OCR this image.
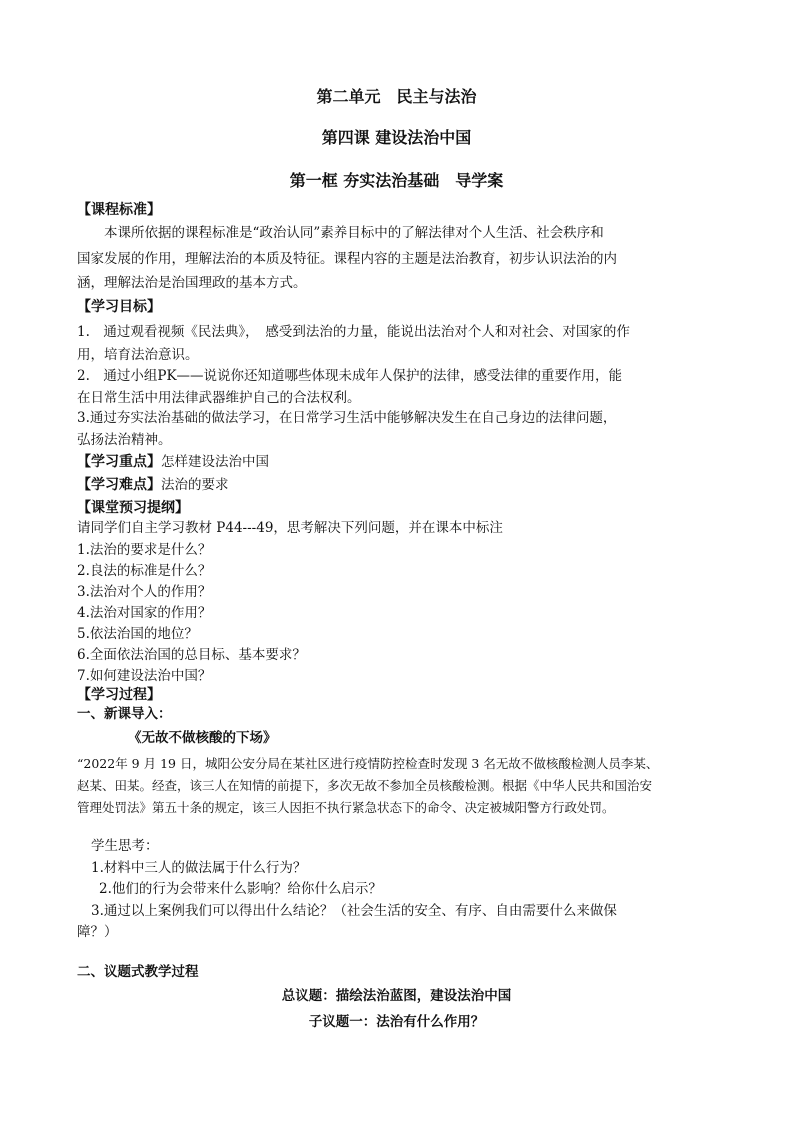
第二单元　民主与法治
第四课 建设法治中国
第一框 夯实法治基础　导学案
【课程标准】
　　本课所依据的课程标准是“政治认同”素养目标中的了解法律对个人生活、社会秩序和
国家发展的作用，理解法治的本质及特征。课程内容的主题是法治教育，初步认识法治的内
涵，理解法治是治国理政的基本方式。
【学习目标】
1.　通过观看视频《民法典》，　感受到法治的力量，能说出法治对个人和对社会、对国家的作
用，培育法治意识。
2.　通过小组PK——说说你还知道哪些体现未成年人保护的法律，感受法律的重要作用，能
在日常生活中用法律武器维护自己的合法权利。
3.通过夯实法治基础的做法学习，在日常学习生活中能够解决发生在自己身边的法律问题，
弘扬法治精神。
【学习重点】怎样建设法治中国
【学习难点】法治的要求
【课堂预习提纲】
请同学们自主学习教材 P44---49，思考解决下列问题，并在课本中标注
1.法治的要求是什么？
2.良法的标准是什么？
3.法治对个人的作用？
4.法治对国家的作用？
5.依法治国的地位？
6.全面依法治国的总目标、基本要求？
7.如何建设法治中国？
【学习过程】
一、新课导入：
《无故不做核酸的下场》
“2022年 9 月 19 日，城阳公安分局在某社区进行疫情防控检查时发现 3 名无故不做核酸检测人员李某、
赵某、田某。经查，该三人在知情的前提下，多次无故不参加全员核酸检测。根据《中华人民共和国治安
管理处罚法》第五十条的规定，该三人因拒不执行紧急状态下的命令、决定被城阳警方行政处罚。
学生思考：
1.材料中三人的做法属于什么行为？
2.他们的行为会带来什么影响？给你什么启示？
3.通过以上案例我们可以得出什么结论？（社会生活的安全、有序、自由需要什么来做保
障？）
二、议题式教学过程
总议题：描绘法治蓝图，建设法治中国
子议题一：法治有什么作用？
